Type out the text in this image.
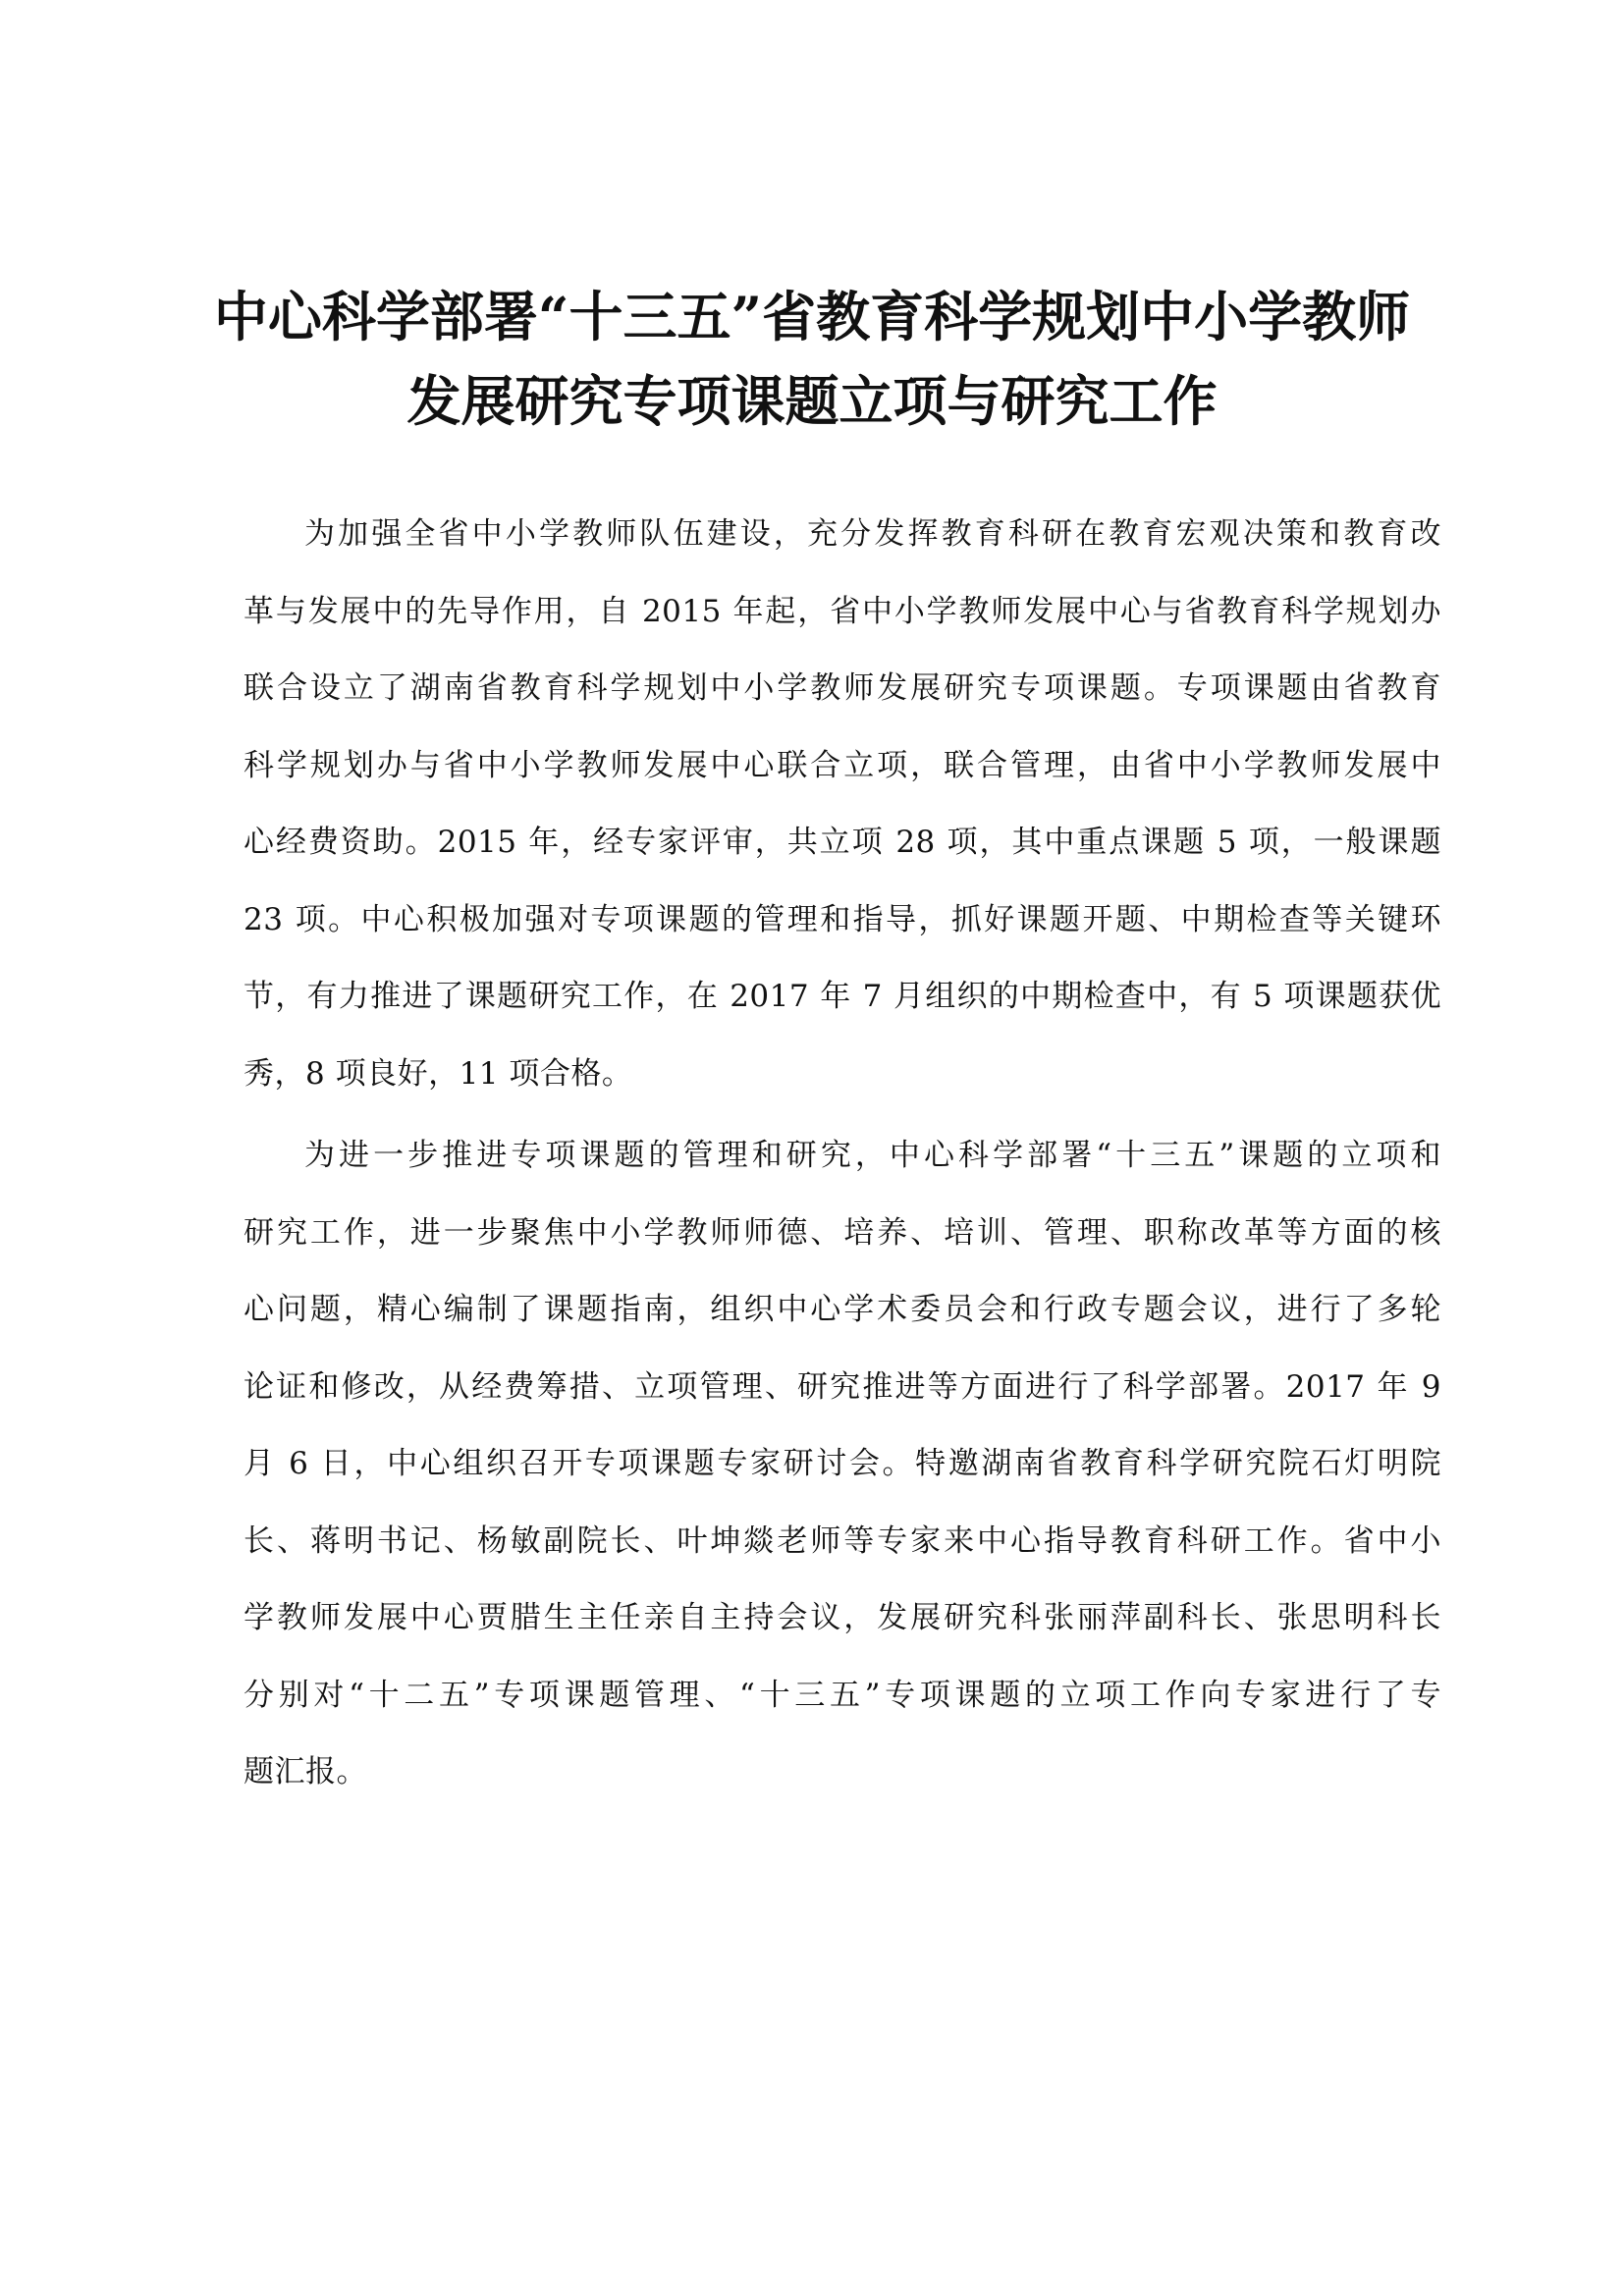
中心科学部署“十三五”省教育科学规划中小学教师
发展研究专项课题立项与研究工作
为加强全省中小学教师队伍建设，充分发挥教育科研在教育宏观决策和教育改
革与发展中的先导作用，自 2015 年起，省中小学教师发展中心与省教育科学规划办
联合设立了湖南省教育科学规划中小学教师发展研究专项课题。专项课题由省教育
科学规划办与省中小学教师发展中心联合立项，联合管理，由省中小学教师发展中
心经费资助。2015 年，经专家评审，共立项 28 项，其中重点课题 5 项，一般课题
23 项。中心积极加强对专项课题的管理和指导，抓好课题开题、中期检查等关键环
节，有力推进了课题研究工作，在 2017 年 7 月组织的中期检查中，有 5 项课题获优
秀，8 项良好，11 项合格。
为进一步推进专项课题的管理和研究，中心科学部署“十三五”课题的立项和
研究工作，进一步聚焦中小学教师师德、培养、培训、管理、职称改革等方面的核
心问题，精心编制了课题指南，组织中心学术委员会和行政专题会议，进行了多轮
论证和修改，从经费筹措、立项管理、研究推进等方面进行了科学部署。2017 年 9
月 6 日，中心组织召开专项课题专家研讨会。特邀湖南省教育科学研究院石灯明院
长、蒋明书记、杨敏副院长、叶坤燚老师等专家来中心指导教育科研工作。省中小
学教师发展中心贾腊生主任亲自主持会议，发展研究科张丽萍副科长、张思明科长
分别对“十二五”专项课题管理、“十三五”专项课题的立项工作向专家进行了专
题汇报。
